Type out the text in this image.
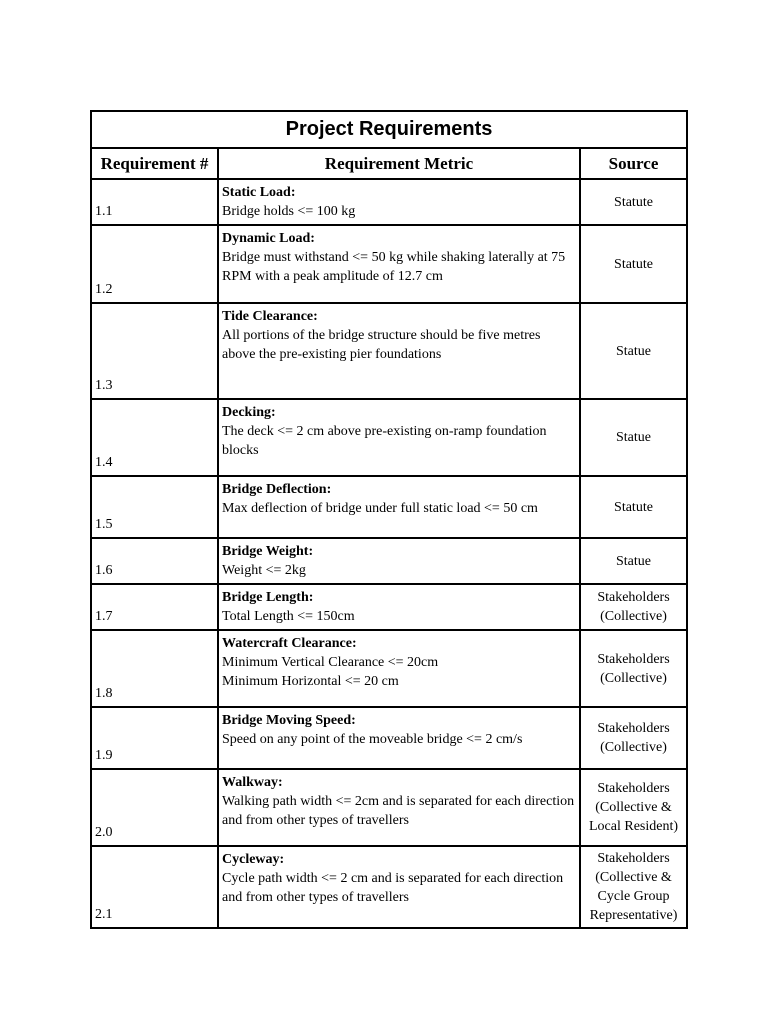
Project Requirements		
Requirement #	Requirement Metric	Source
1.1	Static Load:
Bridge holds <= 100 kg	Statute

1.2	Dynamic Load:
Bridge must withstand <= 50 kg while shaking laterally at 75 RPM with a peak amplitude of 12.7 cm	Statute

1.3	Tide Clearance:
All portions of the bridge structure should be five metres above the pre-existing pier foundations	Statue

1.4	Decking:
The deck <= 2 cm above pre-existing on-ramp foundation blocks	Statue

1.5	Bridge Deflection:
Max deflection of bridge under full static load <= 50 cm	Statute

1.6	Bridge Weight:
Weight <= 2kg	Statue

1.7	Bridge Length:
Total Length <= 150cm	Stakeholders (Collective)

1.8	Watercraft Clearance:
Minimum Vertical Clearance <= 20cm
Minimum Horizontal <= 20 cm	Stakeholders (Collective)

1.9	Bridge Moving Speed:
Speed on any point of the moveable bridge <= 2 cm/s	Stakeholders (Collective)

2.0	Walkway:
Walking path width <= 2cm and is separated for each direction and from other types of travellers	Stakeholders (Collective & Local Resident)

2.1	Cycleway:
Cycle path width <= 2 cm and is separated for each direction and from other types of travellers	Stakeholders (Collective & Cycle Group Representative)
